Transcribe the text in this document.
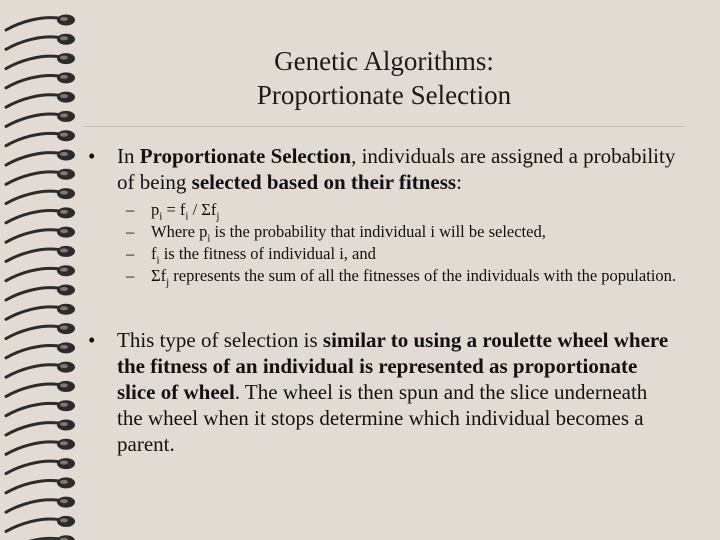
Genetic Algorithms:
Proportionate Selection
• In Proportionate Selection, individuals are assigned a probability of being selected based on their fitness:
– $p_i = f_i / \Sigma f_j$
– Where $p_i$ is the probability that individual i will be selected,
– $f_i$ is the fitness of individual i, and
– $\Sigma f_j$ represents the sum of all the fitnesses of the individuals with the population.
• This type of selection is similar to using a roulette wheel where the fitness of an individual is represented as proportionate slice of wheel. The wheel is then spun and the slice underneath the wheel when it stops determine which individual becomes a parent.
